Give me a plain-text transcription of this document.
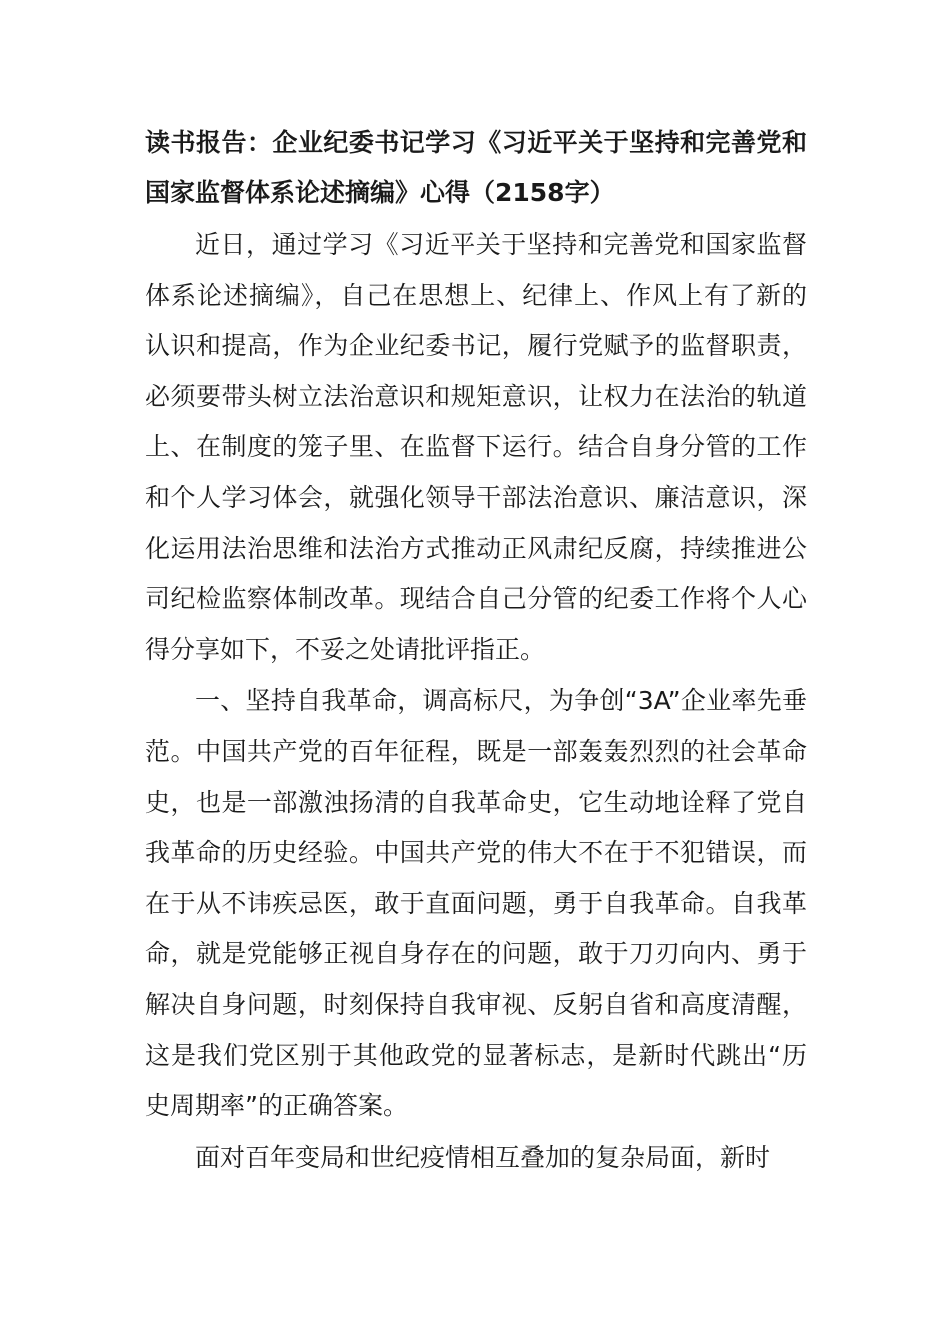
读书报告：企业纪委书记学习《习近平关于坚持和完善党和国家监督体系论述摘编》心得（2158字）

近日，通过学习《习近平关于坚持和完善党和国家监督体系论述摘编》，自己在思想上、纪律上、作风上有了新的认识和提高，作为企业纪委书记，履行党赋予的监督职责，必须要带头树立法治意识和规矩意识，让权力在法治的轨道上、在制度的笼子里、在监督下运行。结合自身分管的工作和个人学习体会，就强化领导干部法治意识、廉洁意识，深化运用法治思维和法治方式推动正风肃纪反腐，持续推进公司纪检监察体制改革。现结合自己分管的纪委工作将个人心得分享如下，不妥之处请批评指正。

一、坚持自我革命，调高标尺，为争创“3A”企业率先垂范。中国共产党的百年征程，既是一部轰轰烈烈的社会革命史，也是一部激浊扬清的自我革命史，它生动地诠释了党自我革命的历史经验。中国共产党的伟大不在于不犯错误，而在于从不讳疾忌医，敢于直面问题，勇于自我革命。自我革命，就是党能够正视自身存在的问题，敢于刀刃向内、勇于解决自身问题，时刻保持自我审视、反躬自省和高度清醒，这是我们党区别于其他政党的显著标志，是新时代跳出“历史周期率”的正确答案。

面对百年变局和世纪疫情相互叠加的复杂局面，新时
